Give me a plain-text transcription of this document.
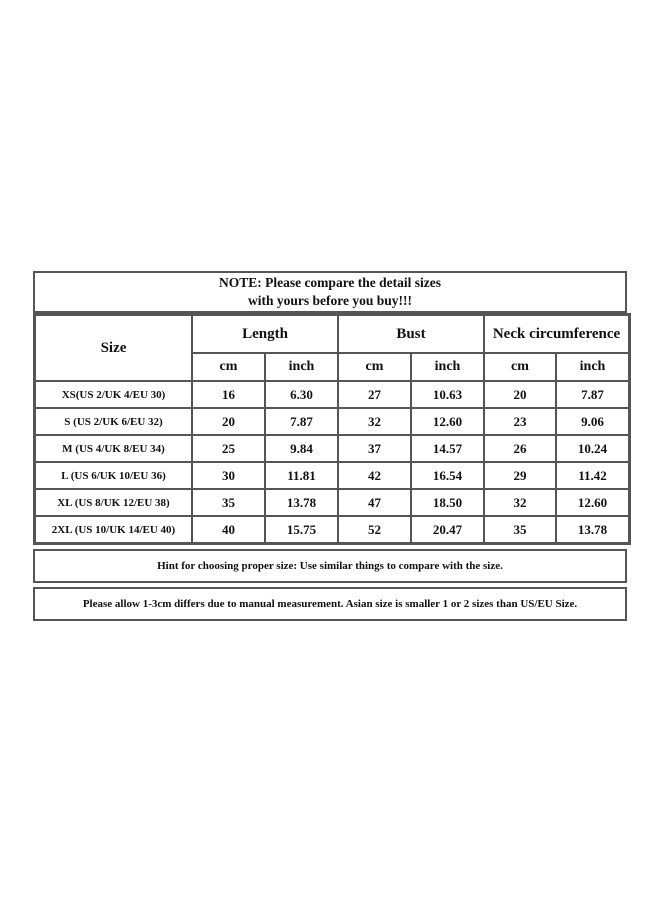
NOTE: Please compare the detail sizes
with yours before you buy!!!
Size	Length		Bust		Neck circumference	
	cm	inch	cm	inch	cm	inch
XS(US 2/UK 4/EU 30)	16	6.30	27	10.63	20	7.87
S (US 2/UK 6/EU 32)	20	7.87	32	12.60	23	9.06
M (US 4/UK 8/EU 34)	25	9.84	37	14.57	26	10.24
L (US 6/UK 10/EU 36)	30	11.81	42	16.54	29	11.42
XL (US 8/UK 12/EU 38)	35	13.78	47	18.50	32	12.60
2XL (US 10/UK 14/EU 40)	40	15.75	52	20.47	35	13.78
Hint for choosing proper size: Use similar things to compare with the size.
Please allow 1-3cm differs due to manual measurement. Asian size is smaller 1 or 2 sizes than US/EU Size.
